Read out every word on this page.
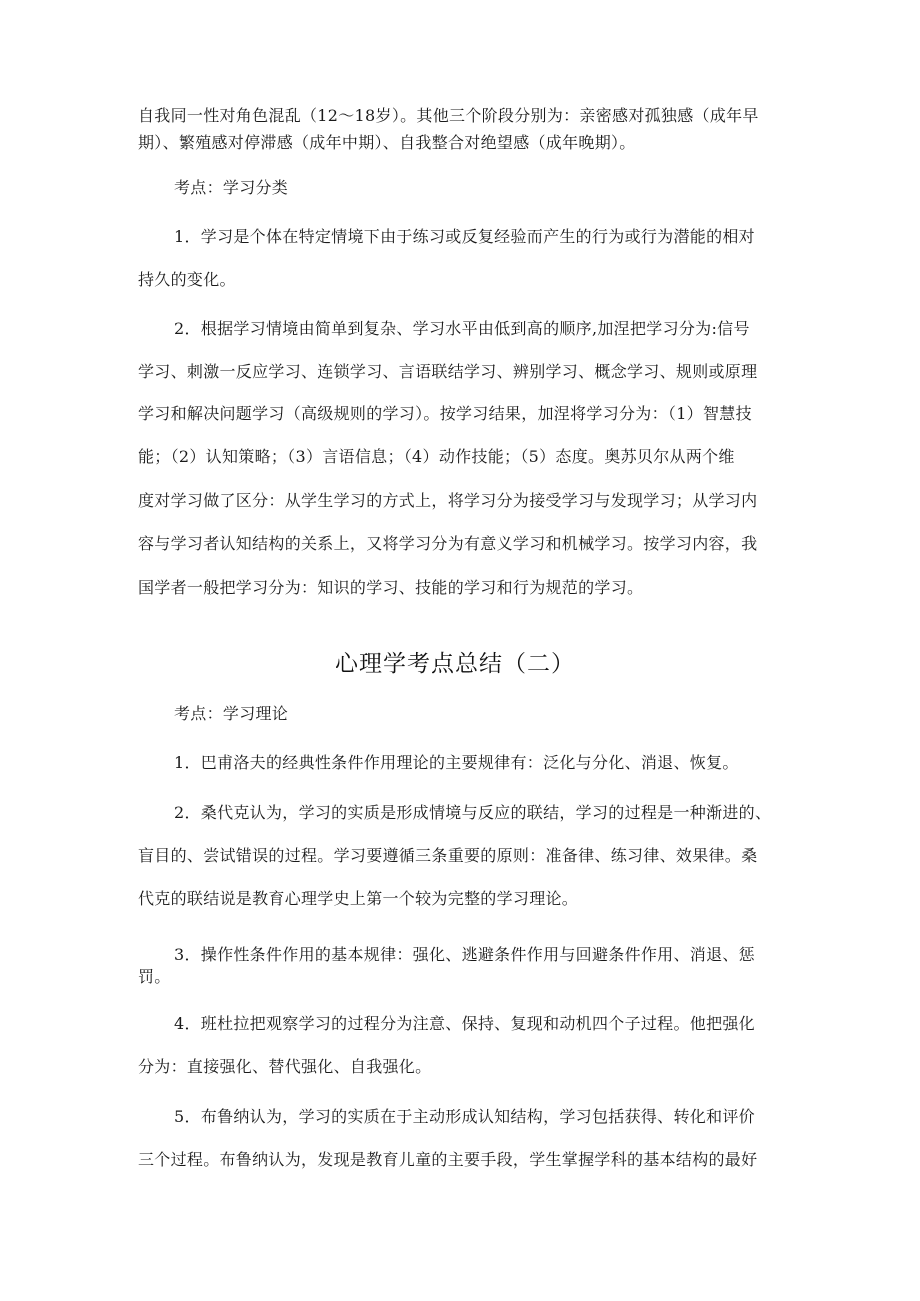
自我同一性对角色混乱（12～18岁）。其他三个阶段分别为：亲密感对孤独感（成年早
期）、繁殖感对停滞感（成年中期）、自我整合对绝望感（成年晚期）。
考点：学习分类
1．学习是个体在特定情境下由于练习或反复经验而产生的行为或行为潜能的相对
持久的变化。
2．根据学习情境由简单到复杂、学习水平由低到高的顺序,加涅把学习分为:信号
学习、刺激一反应学习、连锁学习、言语联结学习、辨别学习、概念学习、规则或原理
学习和解决问题学习（高级规则的学习）。按学习结果，加涅将学习分为：（1）智慧技
能；（2）认知策略；（3）言语信息；（4）动作技能；（5）态度。奥苏贝尔从两个维
度对学习做了区分：从学生学习的方式上，将学习分为接受学习与发现学习；从学习内
容与学习者认知结构的关系上，又将学习分为有意义学习和机械学习。按学习内容，我
国学者一般把学习分为：知识的学习、技能的学习和行为规范的学习。
心理学考点总结（二）
考点：学习理论
1．巴甫洛夫的经典性条件作用理论的主要规律有：泛化与分化、消退、恢复。
2．桑代克认为，学习的实质是形成情境与反应的联结，学习的过程是一种渐进的、
盲目的、尝试错误的过程。学习要遵循三条重要的原则：准备律、练习律、效果律。桑
代克的联结说是教育心理学史上第一个较为完整的学习理论。
3．操作性条件作用的基本规律：强化、逃避条件作用与回避条件作用、消退、惩
罚。
4．班杜拉把观察学习的过程分为注意、保持、复现和动机四个子过程。他把强化
分为：直接强化、替代强化、自我强化。
5．布鲁纳认为，学习的实质在于主动形成认知结构，学习包括获得、转化和评价
三个过程。布鲁纳认为，发现是教育儿童的主要手段，学生掌握学科的基本结构的最好
